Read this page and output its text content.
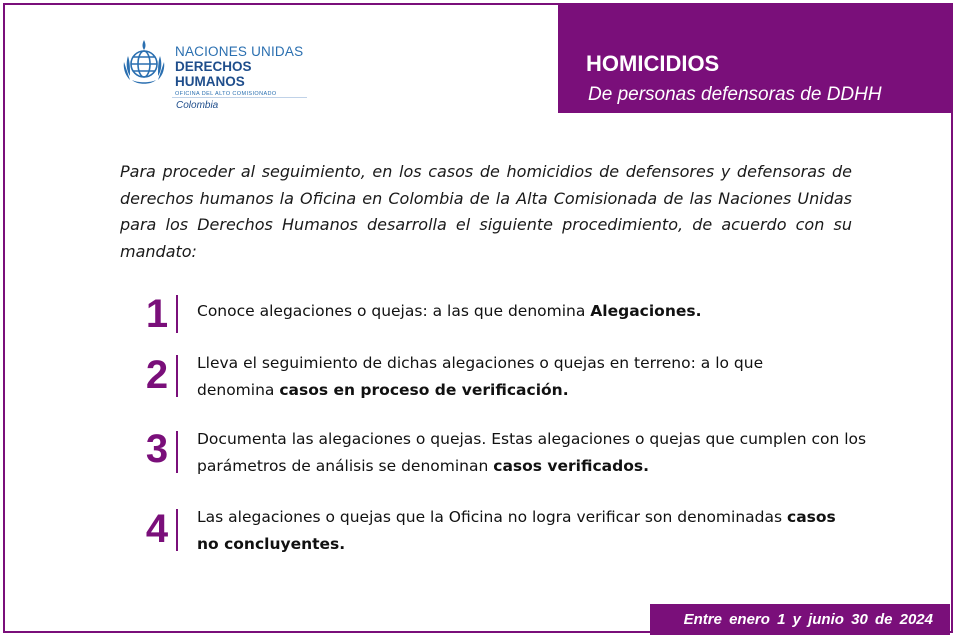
NACIONES UNIDAS
DERECHOS HUMANOS
OFICINA DEL ALTO COMISIONADO
Colombia
HOMICIDIOS
De personas defensoras de DDHH
Para proceder al seguimiento, en los casos de homicidios de defensores y defensoras de derechos humanos la Oficina en Colombia de la Alta Comisionada de las Naciones Unidas para los Derechos Humanos desarrolla el siguiente procedimiento, de acuerdo con su mandato:
1	Conoce alegaciones o quejas: a las que denomina Alegaciones.
2	Lleva el seguimiento de dichas alegaciones o quejas en terreno: a lo que denomina casos en proceso de verificación.
3	Documenta las alegaciones o quejas. Estas alegaciones o quejas que cumplen con los parámetros de análisis se denominan casos verificados.
4	Las alegaciones o quejas que la Oficina no logra verificar son denominadas casos no concluyentes.
Entre enero 1 y junio 30 de 2024
